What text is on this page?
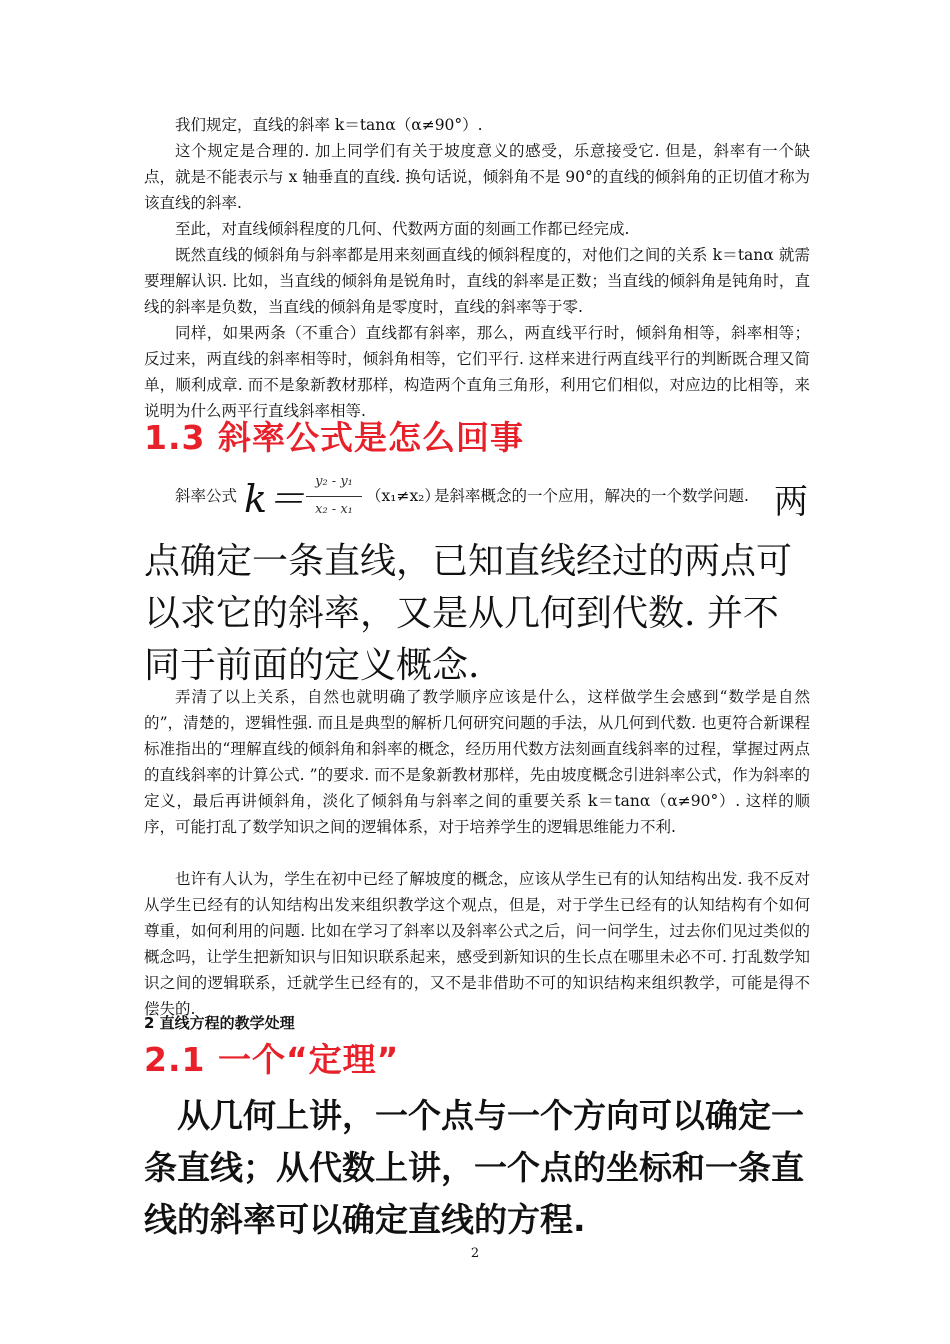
我们规定，直线的斜率 k＝tanα（α≠90°）.

这个规定是合理的. 加上同学们有关于坡度意义的感受，乐意接受它. 但是，斜率有一个缺点，就是不能表示与 x 轴垂直的直线. 换句话说，倾斜角不是 90°的直线的倾斜角的正切值才称为该直线的斜率.

至此，对直线倾斜程度的几何、代数两方面的刻画工作都已经完成.

既然直线的倾斜角与斜率都是用来刻画直线的倾斜程度的，对他们之间的关系 k＝tanα 就需要理解认识. 比如，当直线的倾斜角是锐角时，直线的斜率是正数；当直线的倾斜角是钝角时，直线的斜率是负数，当直线的倾斜角是零度时，直线的斜率等于零.

同样，如果两条（不重合）直线都有斜率，那么，两直线平行时，倾斜角相等，斜率相等；反过来，两直线的斜率相等时，倾斜角相等，它们平行. 这样来进行两直线平行的判断既合理又简单，顺利成章. 而不是象新教材那样，构造两个直角三角形，利用它们相似，对应边的比相等，来说明为什么两平行直线斜率相等.

1.3 斜率公式是怎么回事
斜率公式 k＝ y₂ - y₁
x₂ - x₁
（x₁≠x₂）
是斜率概念的一个应用，解决的一个数学问题. 两

点确定一条直线，已知直线经过的两点可以求它的斜率，又是从几何到代数. 并不同于前面的定义概念.

弄清了以上关系，自然也就明确了教学顺序应该是什么，这样做学生会感到“数学是自然的”，清楚的，逻辑性强. 而且是典型的解析几何研究问题的手法，从几何到代数. 也更符合新课程标准指出的“理解直线的倾斜角和斜率的概念，经历用代数方法刻画直线斜率的过程，掌握过两点的直线斜率的计算公式. ”的要求. 而不是象新教材那样，先由坡度概念引进斜率公式，作为斜率的定义，最后再讲倾斜角，淡化了倾斜角与斜率之间的重要关系 k＝tanα（α≠90°）. 这样的顺序，可能打乱了数学知识之间的逻辑体系，对于培养学生的逻辑思维能力不利.

也许有人认为，学生在初中已经了解坡度的概念，应该从学生已有的认知结构出发. 我不反对从学生已经有的认知结构出发来组织教学这个观点，但是，对于学生已经有的认知结构有个如何尊重，如何利用的问题. 比如在学习了斜率以及斜率公式之后，问一问学生，过去你们见过类似的概念吗，让学生把新知识与旧知识联系起来，感受到新知识的生长点在哪里未必不可. 打乱数学知识之间的逻辑联系，迁就学生已经有的，又不是非借助不可的知识结构来组织教学，可能是得不偿失的.

2 直线方程的教学处理
2.1 一个“定理”

从几何上讲，一个点与一个方向可以确定一条直线；从代数上讲，一个点的坐标和一条直线的斜率可以确定直线的方程.

2
